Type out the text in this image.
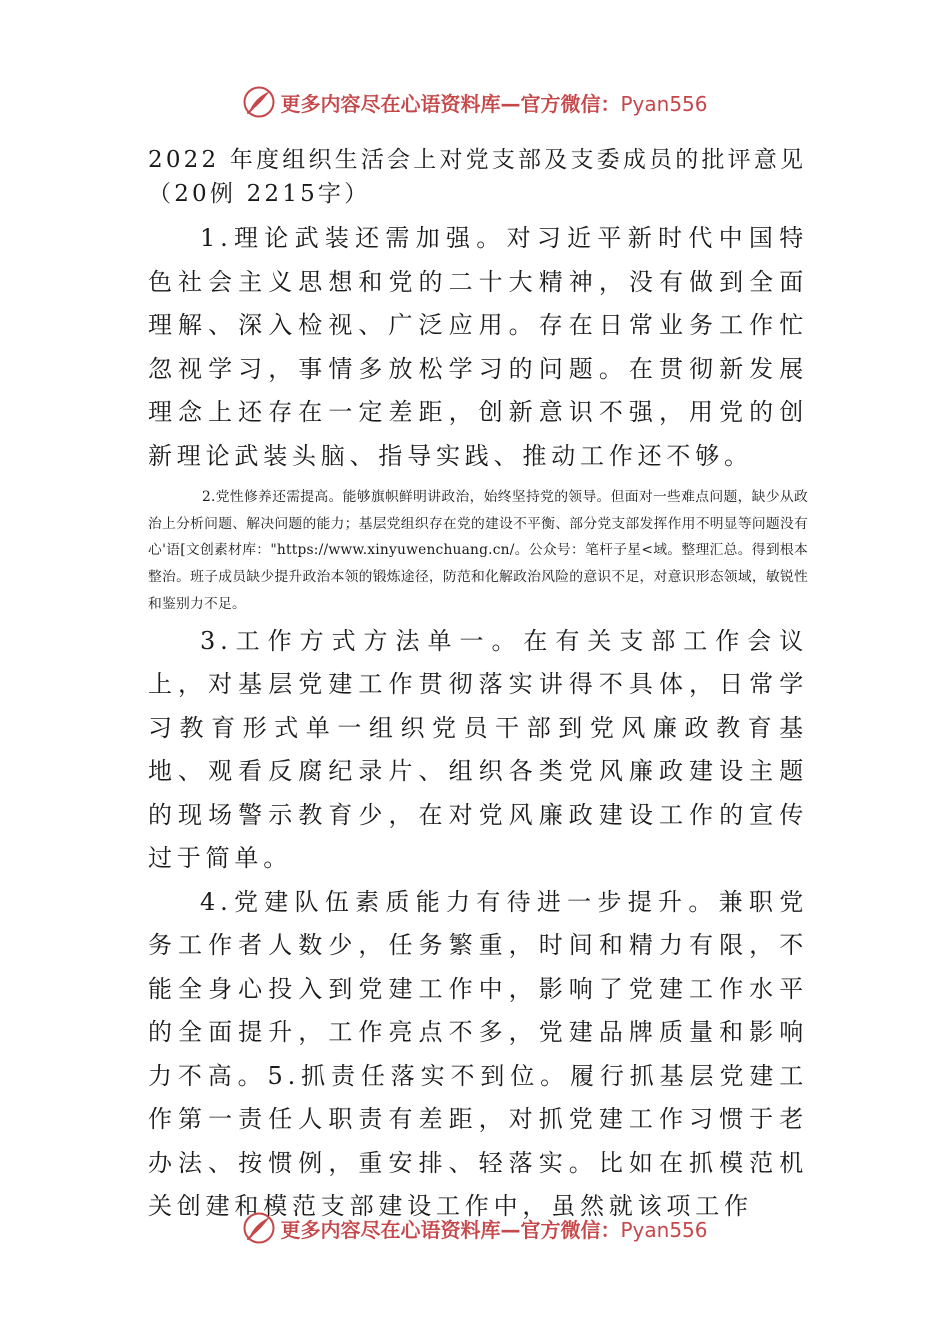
更多内容尽在心语资料库—官方微信：Pyan556

2022 年度组织生活会上对党支部及支委成员的批评意见（20例 2215字）

1.理论武装还需加强。对习近平新时代中国特色社会主义思想和党的二十大精神，没有做到全面理解、深入检视、广泛应用。存在日常业务工作忙忽视学习，事情多放松学习的问题。在贯彻新发展理念上还存在一定差距，创新意识不强，用党的创新理论武装头脑、指导实践、推动工作还不够。

2.党性修养还需提高。能够旗帜鲜明讲政治，始终坚持党的领导。但面对一些难点问题，缺少从政治上分析问题、解决问题的能力；基层党组织存在党的建设不平衡、部分党支部发挥作用不明显等问题没有心'语[文创素材库："https://www.xinyuwenchuang.cn/。公众号：笔杆子星<域。整理汇总。得到根本整治。班子成员缺少提升政治本领的锻炼途径，防范和化解政治风险的意识不足，对意识形态领域，敏锐性和鉴别力不足。

3.工作方式方法单一。在有关支部工作会议上，对基层党建工作贯彻落实讲得不具体，日常学习教育形式单一组织党员干部到党风廉政教育基地、观看反腐纪录片、组织各类党风廉政建设主题的现场警示教育少，在对党风廉政建设工作的宣传过于简单。

4.党建队伍素质能力有待进一步提升。兼职党务工作者人数少，任务繁重，时间和精力有限，不能全身心投入到党建工作中，影响了党建工作水平的全面提升，工作亮点不多，党建品牌质量和影响力不高。5.抓责任落实不到位。履行抓基层党建工作第一责任人职责有差距，对抓党建工作习惯于老办法、按惯例，重安排、轻落实。比如在抓模范机关创建和模范支部建设工作中，虽然就该项工作

更多内容尽在心语资料库—官方微信：Pyan556
